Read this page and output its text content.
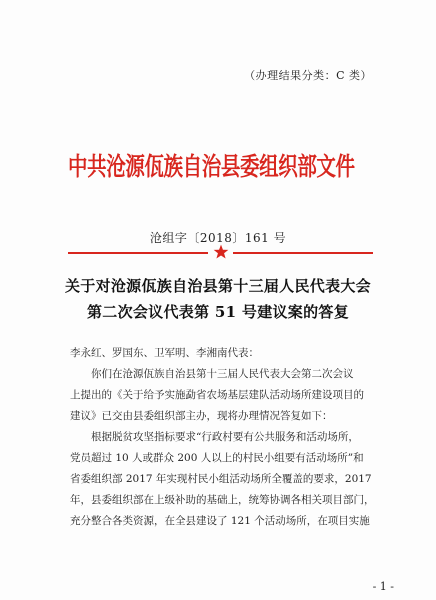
（办理结果分类：C 类）
中共沧源佤族自治县委组织部文件
沧组字〔2018〕161 号
关于对沧源佤族自治县第十三届人民代表大会
第二次会议代表第 51 号建议案的答复
李永红、罗国东、卫军明、李湘南代表：
你们在沧源佤族自治县第十三届人民代表大会第二次会议
上提出的《关于给予实施勐省农场基层建队活动场所建设项目的
建议》已交由县委组织部主办，现将办理情况答复如下：
根据脱贫攻坚指标要求“行政村要有公共服务和活动场所，
党员超过 10 人或群众 200 人以上的村民小组要有活动场所”和
省委组织部 2017 年实现村民小组活动场所全覆盖的要求，2017
年，县委组织部在上级补助的基础上，统筹协调各相关项目部门，
充分整合各类资源，在全县建设了 121 个活动场所，在项目实施
- 1 -
